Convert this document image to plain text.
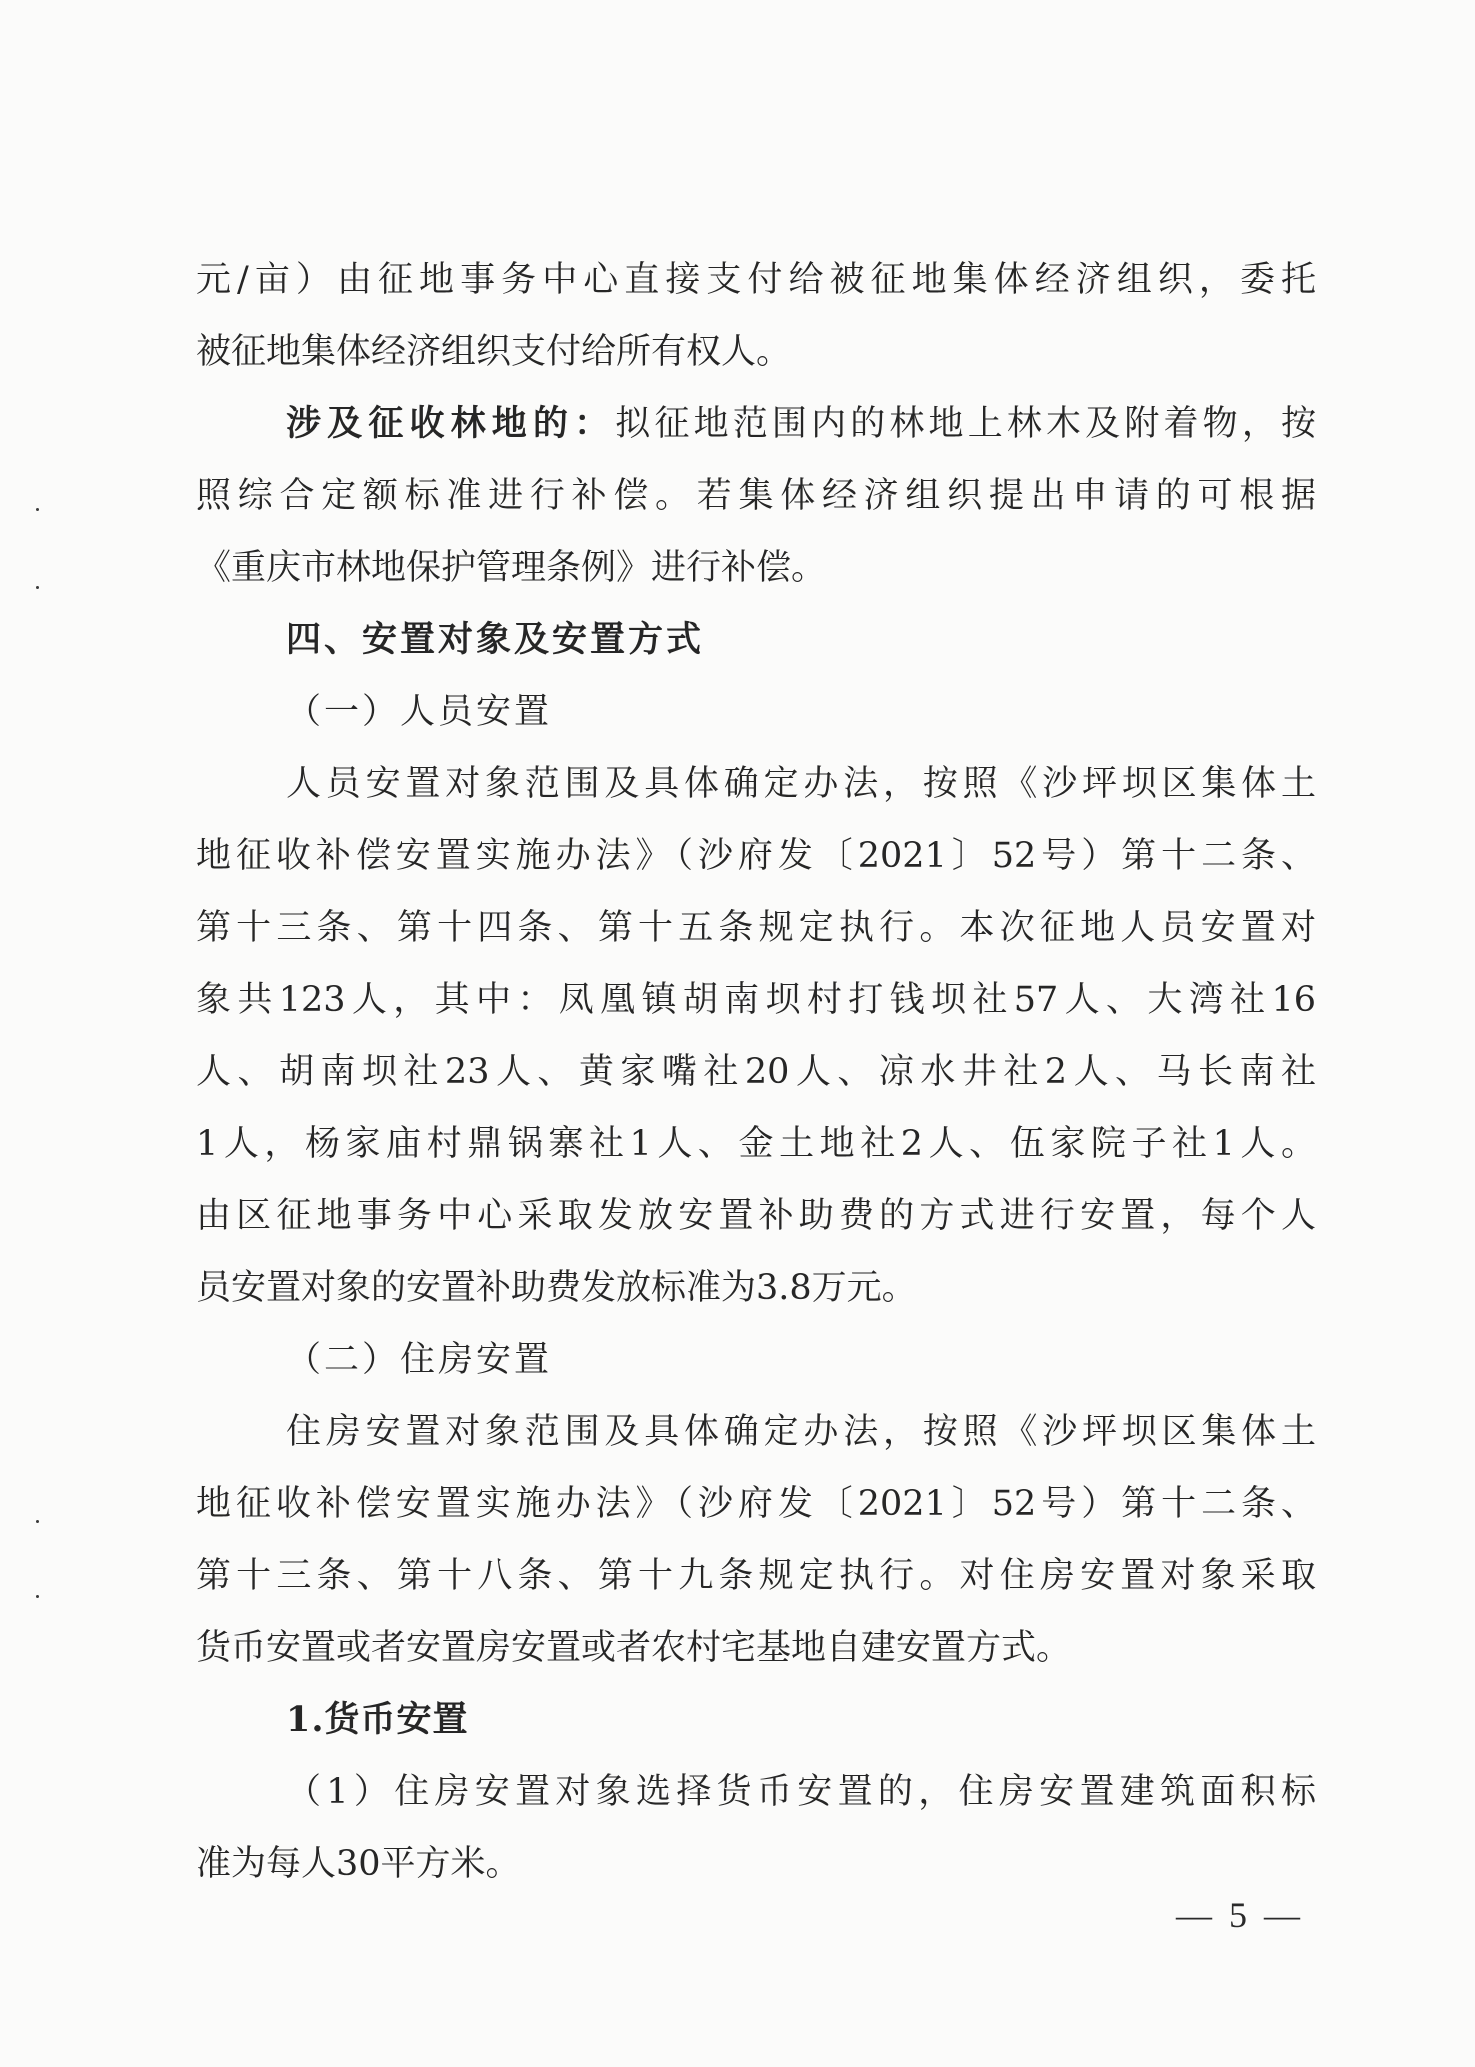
元/亩）由征地事务中心直接支付给被征地集体经济组织，委托
被征地集体经济组织支付给所有权人。
涉及征收林地的：拟征地范围内的林地上林木及附着物，按
照综合定额标准进行补偿。若集体经济组织提出申请的可根据
《重庆市林地保护管理条例》进行补偿。
四、安置对象及安置方式
（一）人员安置
人员安置对象范围及具体确定办法，按照《沙坪坝区集体土
地征收补偿安置实施办法》（沙府发〔2021〕52号）第十二条、
第十三条、第十四条、第十五条规定执行。本次征地人员安置对
象共123人，其中：凤凰镇胡南坝村打钱坝社57人、大湾社16
人、胡南坝社23人、黄家嘴社20人、凉水井社2人、马长南社
1人，杨家庙村鼎锅寨社1人、金土地社2人、伍家院子社1人。
由区征地事务中心采取发放安置补助费的方式进行安置，每个人
员安置对象的安置补助费发放标准为3.8万元。
（二）住房安置
住房安置对象范围及具体确定办法，按照《沙坪坝区集体土
地征收补偿安置实施办法》（沙府发〔2021〕52号）第十二条、
第十三条、第十八条、第十九条规定执行。对住房安置对象采取
货币安置或者安置房安置或者农村宅基地自建安置方式。
1.货币安置
（1）住房安置对象选择货币安置的，住房安置建筑面积标
准为每人30平方米。
— 5 —
